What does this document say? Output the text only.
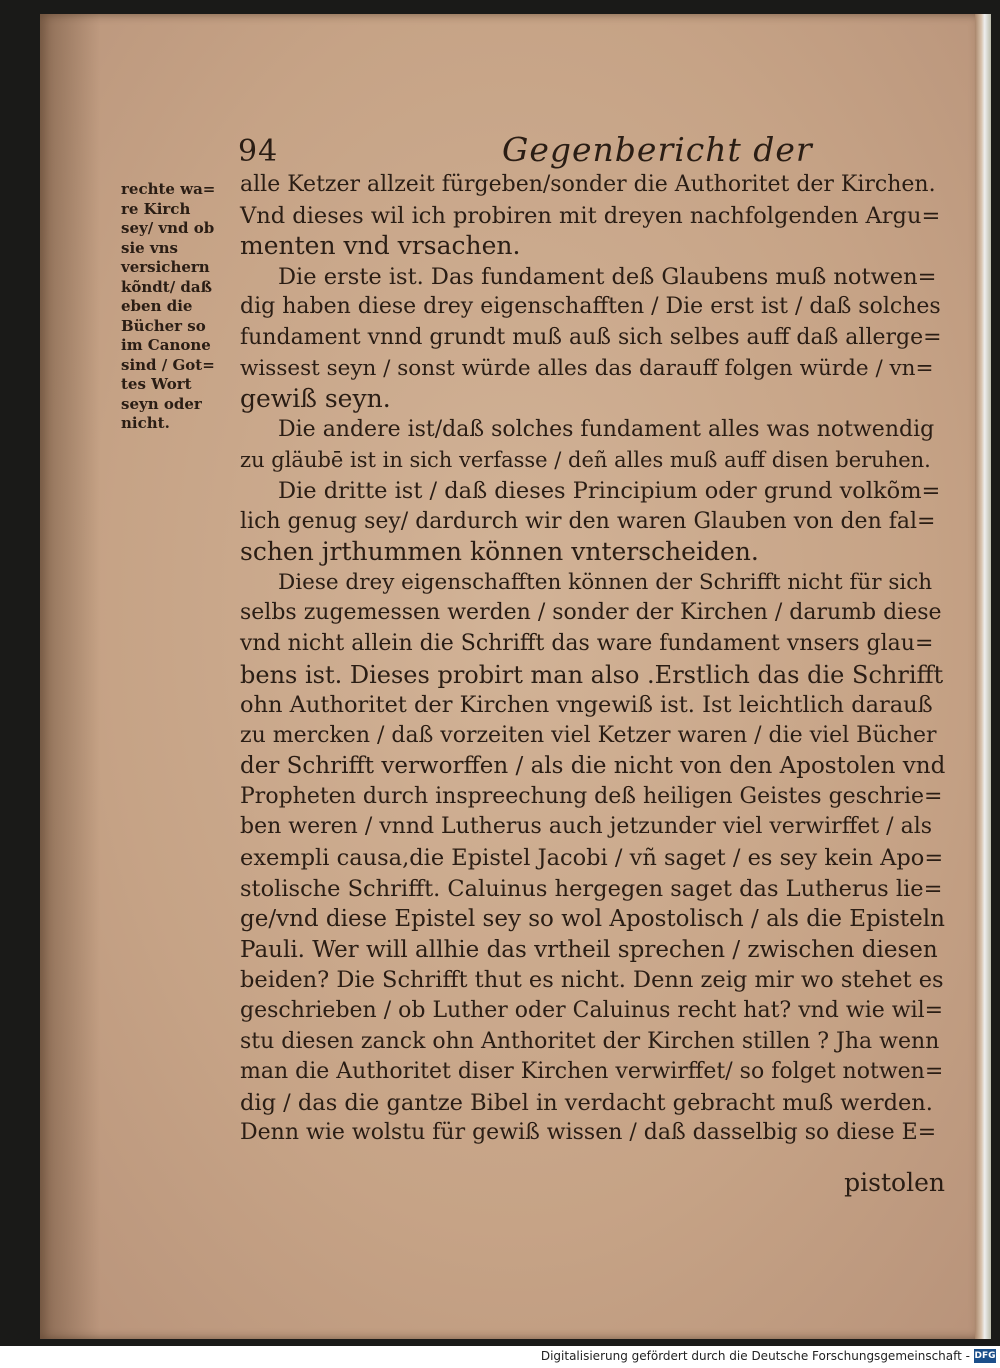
94	Gegenbericht der
rechte wa=
re Kirch
sey/ vnd ob
sie vns
versichern
kõndt/ daß
eben die
Bücher so
im Canone
sind / Got=
tes Wort
seyn oder
nicht.
alle Ketzer allzeit fürgeben/sonder die Authoritet der Kirchen.
Vnd dieses wil ich probiren mit dreyen nachfolgenden Argu=
menten vnd vrsachen.
Die erste ist. Das fundament deß Glaubens muß notwen=
dig haben diese drey eigenschafften / Die erst ist / daß solches
fundament vnnd grundt muß auß sich selbes auff daß allerge=
wissest seyn / sonst würde alles das darauff folgen würde / vn=
gewiß seyn.
Die andere ist/daß solches fundament alles was notwendig
zu gläubē ist in sich verfasse / deñ alles muß auff disen beruhen.
Die dritte ist / daß dieses Principium oder grund volkõm=
lich genug sey/ dardurch wir den waren Glauben von den fal=
schen jrthummen können vnterscheiden.
Diese drey eigenschafften können der Schrifft nicht für sich
selbs zugemessen werden / sonder der Kirchen / darumb diese
vnd nicht allein die Schrifft das ware fundament vnsers glau=
bens ist. Dieses probirt man also .Erstlich das die Schrifft
ohn Authoritet der Kirchen vngewiß ist. Ist leichtlich darauß
zu mercken / daß vorzeiten viel Ketzer waren / die viel Bücher
der Schrifft verworffen / als die nicht von den Apostolen vnd
Propheten durch inspreechung deß heiligen Geistes geschrie=
ben weren / vnnd Lutherus auch jetzunder viel verwirffet / als
exempli causa,die Epistel Jacobi / vñ saget / es sey kein Apo=
stolische Schrifft. Caluinus hergegen saget das Lutherus lie=
ge/vnd diese Epistel sey so wol Apostolisch / als die Episteln
Pauli. Wer will allhie das vrtheil sprechen / zwischen diesen
beiden? Die Schrifft thut es nicht. Denn zeig mir wo stehet es
geschrieben / ob Luther oder Caluinus recht hat? vnd wie wil=
stu diesen zanck ohn Anthoritet der Kirchen stillen ? Jha wenn
man die Authoritet diser Kirchen verwirffet/ so folget notwen=
dig / das die gantze Bibel in verdacht gebracht muß werden.
Denn wie wolstu für gewiß wissen / daß dasselbig so diese E=
pistolen
Digitalisierung gefördert durch die Deutsche Forschungsgemeinschaft - DFG
